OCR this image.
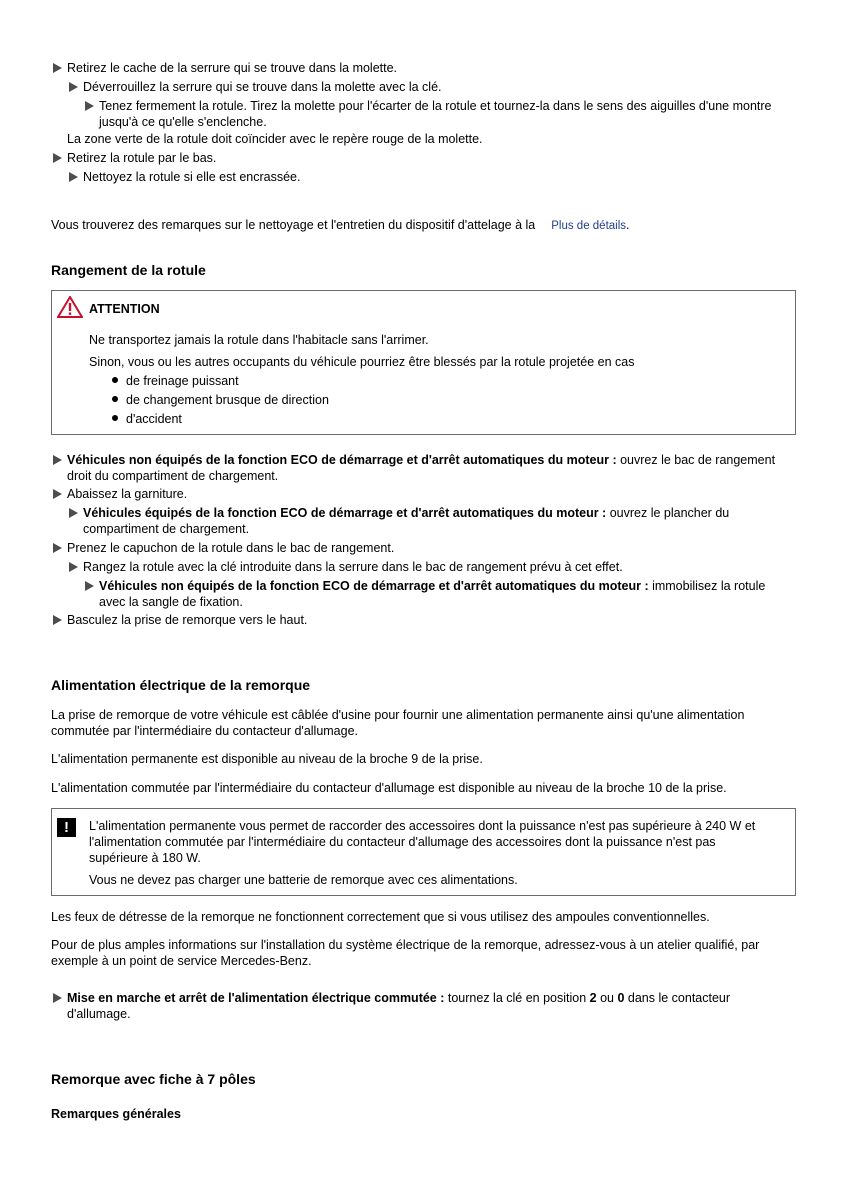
Retirez le cache de la serrure qui se trouve dans la molette.
Déverrouillez la serrure qui se trouve dans la molette avec la clé.
Tenez fermement la rotule. Tirez la molette pour l'écarter de la rotule et tournez-la dans le sens des aiguilles d'une montre
jusqu'à ce qu'elle s'enclenche.
La zone verte de la rotule doit coïncider avec le repère rouge de la molette.
Retirez la rotule par le bas.
Nettoyez la rotule si elle est encrassée.
Vous trouverez des remarques sur le nettoyage et l'entretien du dispositif d'attelage à la Plus de détails.
Rangement de la rotule
ATTENTION
Ne transportez jamais la rotule dans l'habitacle sans l'arrimer.
Sinon, vous ou les autres occupants du véhicule pourriez être blessés par la rotule projetée en cas
de freinage puissant
de changement brusque de direction
d'accident
Véhicules non équipés de la fonction ECO de démarrage et d'arrêt automatiques du moteur : ouvrez le bac de rangement
droit du compartiment de chargement.
Abaissez la garniture.
Véhicules équipés de la fonction ECO de démarrage et d'arrêt automatiques du moteur : ouvrez le plancher du
compartiment de chargement.
Prenez le capuchon de la rotule dans le bac de rangement.
Rangez la rotule avec la clé introduite dans la serrure dans le bac de rangement prévu à cet effet.
Véhicules non équipés de la fonction ECO de démarrage et d'arrêt automatiques du moteur : immobilisez la rotule
avec la sangle de fixation.
Basculez la prise de remorque vers le haut.
Alimentation électrique de la remorque
La prise de remorque de votre véhicule est câblée d'usine pour fournir une alimentation permanente ainsi qu'une alimentation
commutée par l'intermédiaire du contacteur d'allumage.
L'alimentation permanente est disponible au niveau de la broche 9 de la prise.
L'alimentation commutée par l'intermédiaire du contacteur d'allumage est disponible au niveau de la broche 10 de la prise.
!	L'alimentation permanente vous permet de raccorder des accessoires dont la puissance n'est pas supérieure à 240 W et
l'alimentation commutée par l'intermédiaire du contacteur d'allumage des accessoires dont la puissance n'est pas
supérieure à 180 W.
Vous ne devez pas charger une batterie de remorque avec ces alimentations.
Les feux de détresse de la remorque ne fonctionnent correctement que si vous utilisez des ampoules conventionnelles.
Pour de plus amples informations sur l'installation du système électrique de la remorque, adressez-vous à un atelier qualifié, par
exemple à un point de service Mercedes-Benz.
Mise en marche et arrêt de l'alimentation électrique commutée : tournez la clé en position 2 ou 0 dans le contacteur
d'allumage.
Remorque avec fiche à 7 pôles
Remarques générales
